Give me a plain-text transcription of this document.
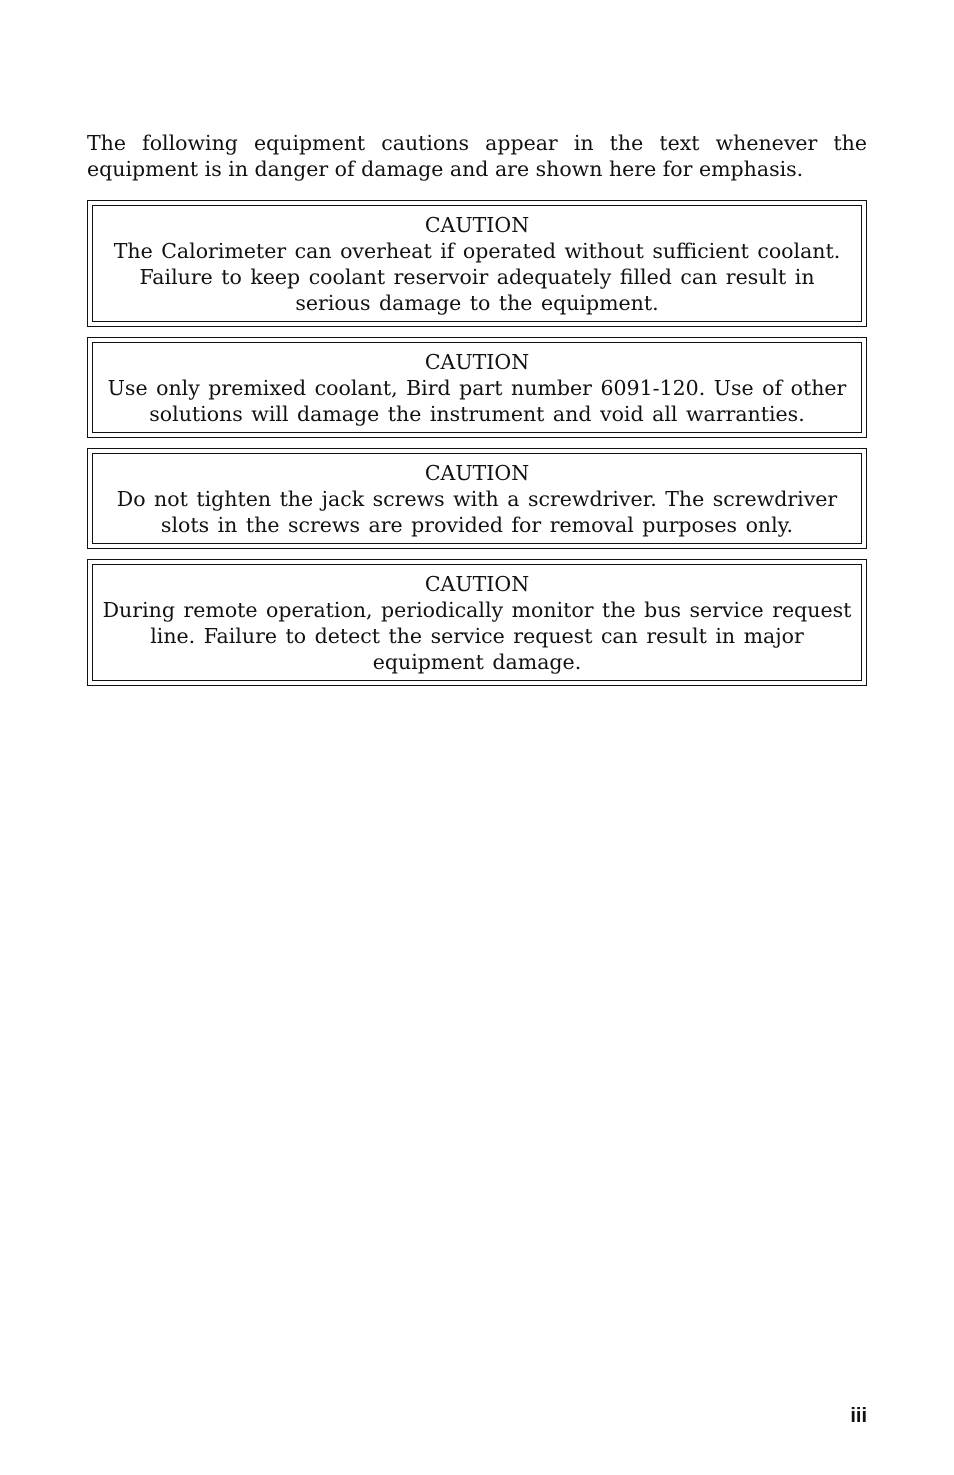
The following equipment cautions appear in the text whenever the equipment is in danger of damage and are shown here for emphasis.

CAUTION
The Calorimeter can overheat if operated without sufficient coolant. Failure to keep coolant reservoir adequately filled can result in serious damage to the equipment.
CAUTION
Use only premixed coolant, Bird part number 6091-120. Use of other solutions will damage the instrument and void all warranties.
CAUTION
Do not tighten the jack screws with a screwdriver. The screwdriver slots in the screws are provided for removal purposes only.
CAUTION
During remote operation, periodically monitor the bus service request line. Failure to detect the service request can result in major equipment damage.
iii
